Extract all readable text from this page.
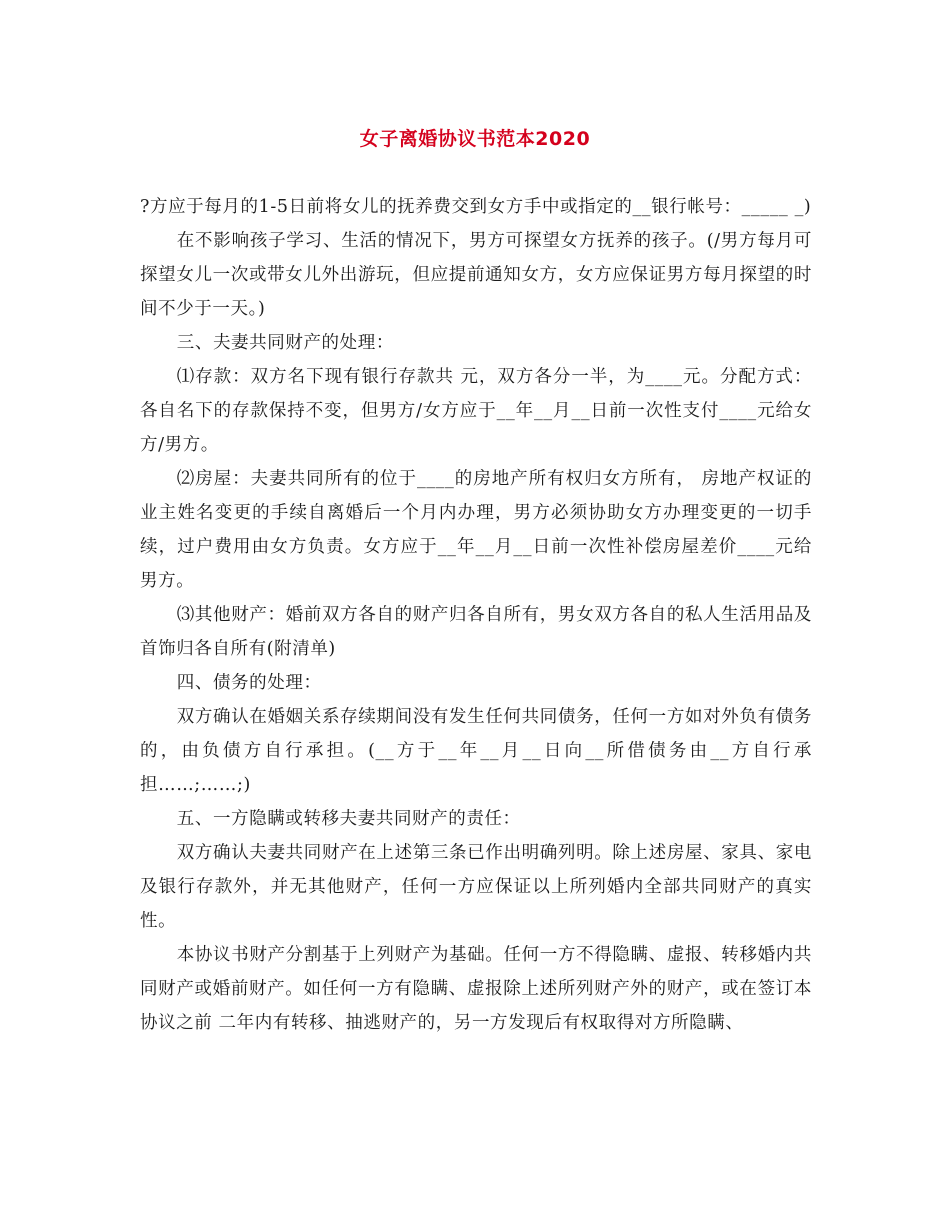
女子离婚协议书范本2020

?方应于每月的1-5日前将女儿的抚养费交到女方手中或指定的__银行帐号：_____ _)

在不影响孩子学习、生活的情况下，男方可探望女方抚养的孩子。(/男方每月可探望女儿一次或带女儿外出游玩，但应提前通知女方，女方应保证男方每月探望的时间不少于一天。)

三、夫妻共同财产的处理：

⑴存款：双方名下现有银行存款共 元，双方各分一半，为____元。分配方式：各自名下的存款保持不变，但男方/女方应于__年__月__日前一次性支付____元给女方/男方。

⑵房屋：夫妻共同所有的位于____的房地产所有权归女方所有， 房地产权证的业主姓名变更的手续自离婚后一个月内办理，男方必须协助女方办理变更的一切手续，过户费用由女方负责。女方应于__年__月__日前一次性补偿房屋差价____元给男方。

⑶其他财产：婚前双方各自的财产归各自所有，男女双方各自的私人生活用品及首饰归各自所有(附清单)

四、债务的处理：

双方确认在婚姻关系存续期间没有发生任何共同债务，任何一方如对外负有债务的，由负债方自行承担。(__方于__年__月__日向__所借债务由__方自行承担……;……;)

五、一方隐瞒或转移夫妻共同财产的责任：

双方确认夫妻共同财产在上述第三条已作出明确列明。除上述房屋、家具、家电及银行存款外，并无其他财产，任何一方应保证以上所列婚内全部共同财产的真实性。

本协议书财产分割基于上列财产为基础。任何一方不得隐瞒、虚报、转移婚内共同财产或婚前财产。如任何一方有隐瞒、虚报除上述所列财产外的财产，或在签订本协议之前 二年内有转移、抽逃财产的，另一方发现后有权取得对方所隐瞒、
